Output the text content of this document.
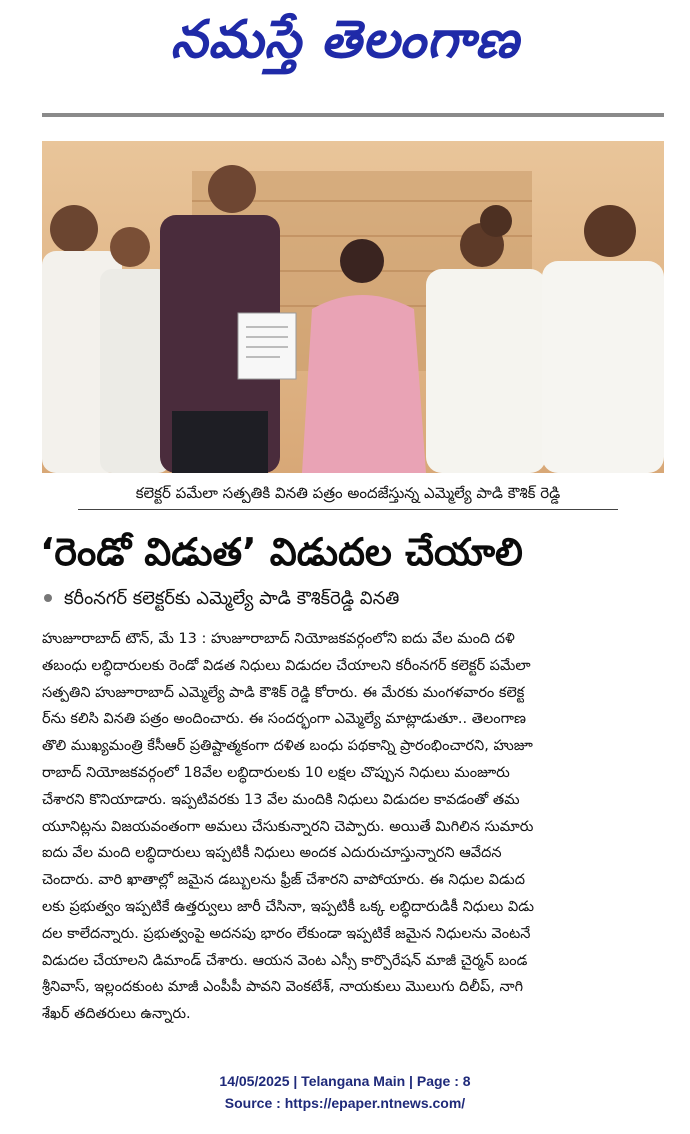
నమస్తే తెలంగాణ
కలెక్టర్ పమేలా సత్పతికి వినతి పత్రం అందజేస్తున్న ఎమ్మెల్యే పాడి కౌశిక్ రెడ్డి
‘రెండో విడుత’ విడుదల చేయాలి
కరీంనగర్ కలెక్టర్‌కు ఎమ్మెల్యే పాడి కౌశిక్‌రెడ్డి వినతి
హుజూరాబాద్ టౌన్, మే 13 : హుజూరాబాద్ నియోజకవర్గంలోని ఐదు వేల మంది దళి
తబంధు లబ్ధిదారులకు రెండో విడత నిధులు విడుదల చేయాలని కరీంనగర్ కలెక్టర్ పమేలా
సత్పతిని హుజూరాబాద్ ఎమ్మెల్యే పాడి కౌశిక్ రెడ్డి కోరారు. ఈ మేరకు మంగళవారం కలెక్ట
ర్‌ను కలిసి వినతి పత్రం అందించారు. ఈ సందర్భంగా ఎమ్మెల్యే మాట్లాడుతూ.. తెలంగాణ
తొలి ముఖ్యమంత్రి కేసీఆర్ ప్రతిష్టాత్మకంగా దళిత బంధు పథకాన్ని ప్రారంభించారని, హుజూ
రాబాద్ నియోజకవర్గంలో 18వేల లబ్ధిదారులకు 10 లక్షల చొప్పున నిధులు మంజూరు
చేశారని కొనియాడారు. ఇప్పటివరకు 13 వేల మందికి నిధులు విడుదల కావడంతో తమ
యూనిట్లను విజయవంతంగా అమలు చేసుకున్నారని చెప్పారు. అయితే మిగిలిన సుమారు
ఐదు వేల మంది లబ్ధిదారులు ఇప్పటికీ నిధులు అందక ఎదురుచూస్తున్నారని ఆవేదన
చెందారు. వారి ఖాతాల్లో జమైన డబ్బులను ఫ్రీజ్ చేశారని వాపోయారు. ఈ నిధుల విడుద
లకు ప్రభుత్వం ఇప్పటికే ఉత్తర్వులు జారీ చేసినా, ఇప్పటికీ ఒక్క లబ్ధిదారుడికీ నిధులు విడు
దల కాలేదన్నారు. ప్రభుత్వంపై అదనపు భారం లేకుండా ఇప్పటికే జమైన నిధులను వెంటనే
విడుదల చేయాలని డిమాండ్ చేశారు. ఆయన వెంట ఎస్సీ కార్పొరేషన్ మాజీ చైర్మన్ బండ
శ్రీనివాస్, ఇల్లందకుంట మాజీ ఎంపీపీ పావని వెంకటేశ్, నాయకులు మొలుగు దిలీప్, నాగి
శేఖర్ తదితరులు ఉన్నారు.
14/05/2025 | Telangana Main | Page : 8
Source : https://epaper.ntnews.com/
